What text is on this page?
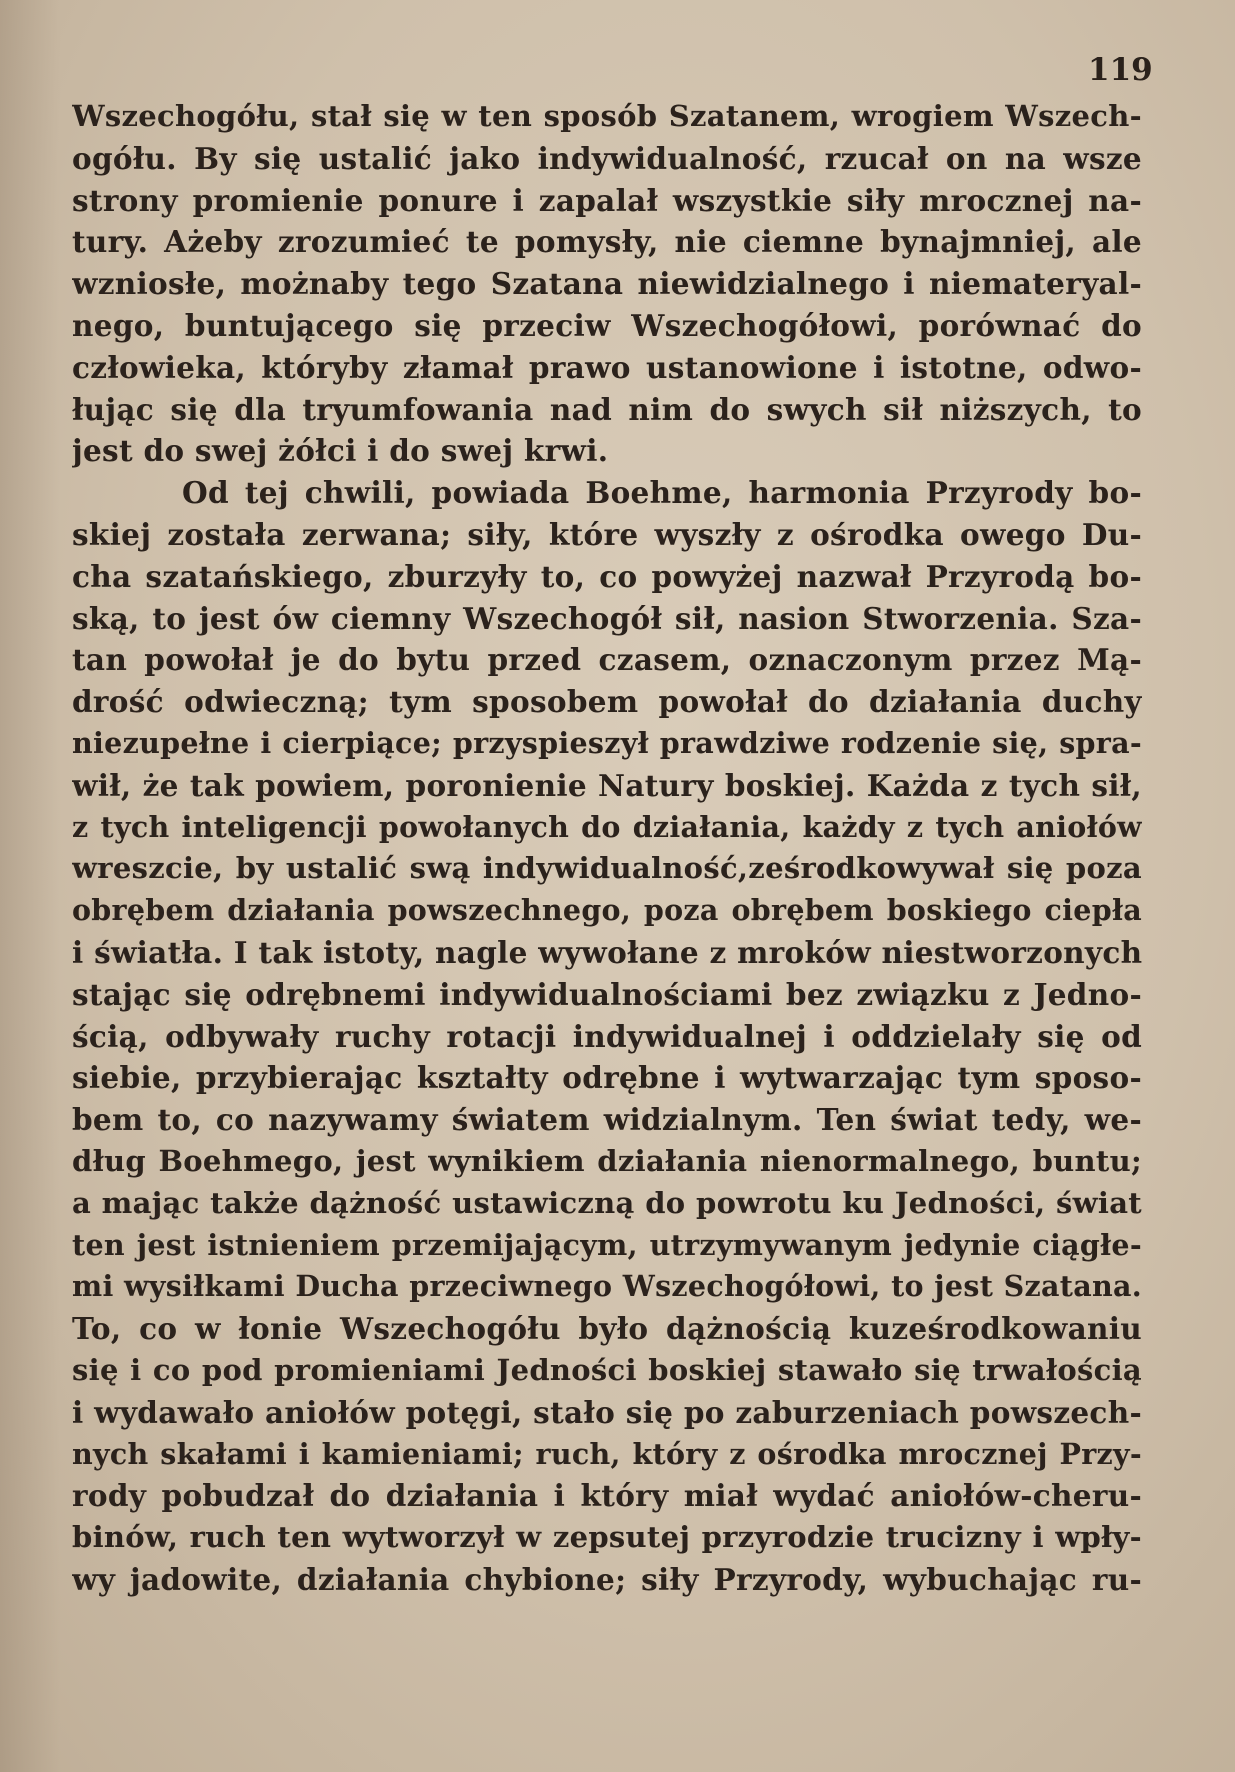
119
Wszechogółu, stał się w ten sposób Szatanem, wrogiem Wszech-
ogółu. By się ustalić jako indywidualność, rzucał on na wsze
strony promienie ponure i zapalał wszystkie siły mrocznej na-
tury. Ażeby zrozumieć te pomysły, nie ciemne bynajmniej, ale
wzniosłe, możnaby tego Szatana niewidzialnego i niemateryal-
nego, buntującego się przeciw Wszechogółowi, porównać do
człowieka, któryby złamał prawo ustanowione i istotne, odwo-
łując się dla tryumfowania nad nim do swych sił niższych, to
jest do swej żółci i do swej krwi.
Od tej chwili, powiada Boehme, harmonia Przyrody bo-
skiej została zerwana; siły, które wyszły z ośrodka owego Du-
cha szatańskiego, zburzyły to, co powyżej nazwał Przyrodą bo-
ską, to jest ów ciemny Wszechogół sił, nasion Stworzenia. Sza-
tan powołał je do bytu przed czasem, oznaczonym przez Mą-
drość odwieczną; tym sposobem powołał do działania duchy
niezupełne i cierpiące; przyspieszył prawdziwe rodzenie się, spra-
wił, że tak powiem, poronienie Natury boskiej. Każda z tych sił,
z tych inteligencji powołanych do działania, każdy z tych aniołów
wreszcie, by ustalić swą indywidualność,ześrodkowywał się poza
obrębem działania powszechnego, poza obrębem boskiego ciepła
i światła. I tak istoty, nagle wywołane z mroków niestworzonych
stając się odrębnemi indywidualnościami bez związku z Jedno-
ścią, odbywały ruchy rotacji indywidualnej i oddzielały się od
siebie, przybierając kształty odrębne i wytwarzając tym sposo-
bem to, co nazywamy światem widzialnym. Ten świat tedy, we-
dług Boehmego, jest wynikiem działania nienormalnego, buntu;
a mając także dążność ustawiczną do powrotu ku Jedności, świat
ten jest istnieniem przemijającym, utrzymywanym jedynie ciągłe-
mi wysiłkami Ducha przeciwnego Wszechogółowi, to jest Szatana.
To, co w łonie Wszechogółu było dążnością kuześrodkowaniu
się i co pod promieniami Jedności boskiej stawało się trwałością
i wydawało aniołów potęgi, stało się po zaburzeniach powszech-
nych skałami i kamieniami; ruch, który z ośrodka mrocznej Przy-
rody pobudzał do działania i który miał wydać aniołów-cheru-
binów, ruch ten wytworzył w zepsutej przyrodzie trucizny i wpły-
wy jadowite, działania chybione; siły Przyrody, wybuchając ru-
